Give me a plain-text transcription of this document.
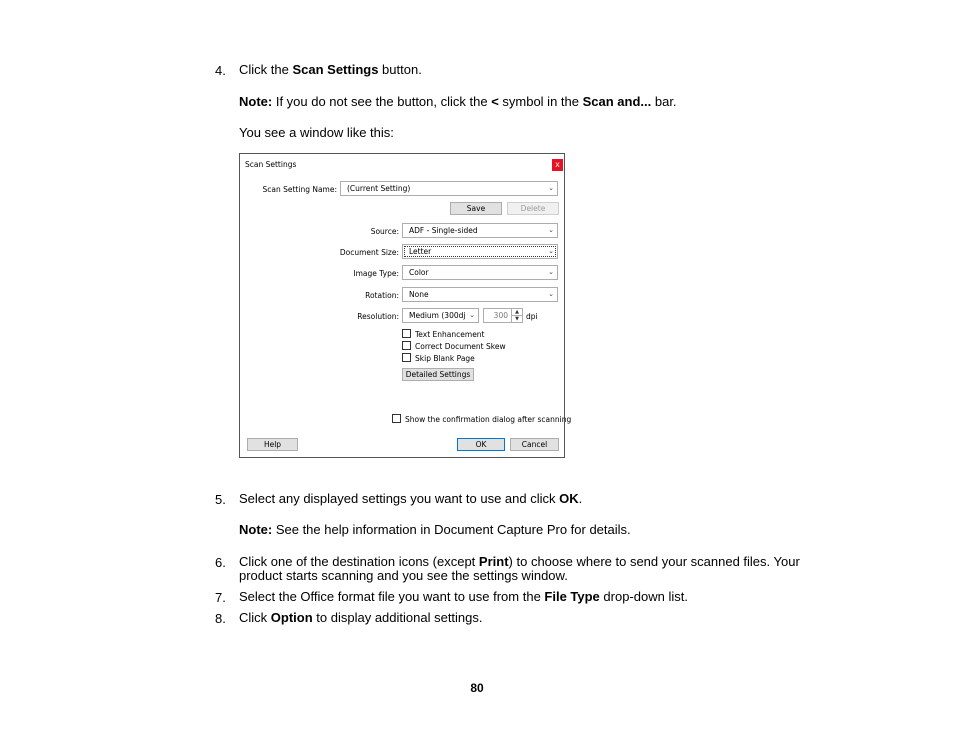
4. Click the Scan Settings button.
Note: If you do not see the button, click the < symbol in the Scan and... bar.
You see a window like this:
Scan Settings	x
Scan Setting Name:	(Current Setting)	⌄
Save	Delete
Source:	ADF - Single-sided	⌄
Document Size:	Letter	⌄
Image Type:	Color	⌄
Rotation:	None	⌄
Resolution:	Medium (300dj ⌄	300	▲
▼ dpi
Text Enhancement
Correct Document Skew
Skip Blank Page
Detailed Settings
Show the confirmation dialog after scanning
Help	OK	Cancel
5. Select any displayed settings you want to use and click OK.
Note: See the help information in Document Capture Pro for details.
6. Click one of the destination icons (except Print) to choose where to send your scanned files. Your product starts scanning and you see the settings window.
7. Select the Office format file you want to use from the File Type drop-down list.
8. Click Option to display additional settings.
80
